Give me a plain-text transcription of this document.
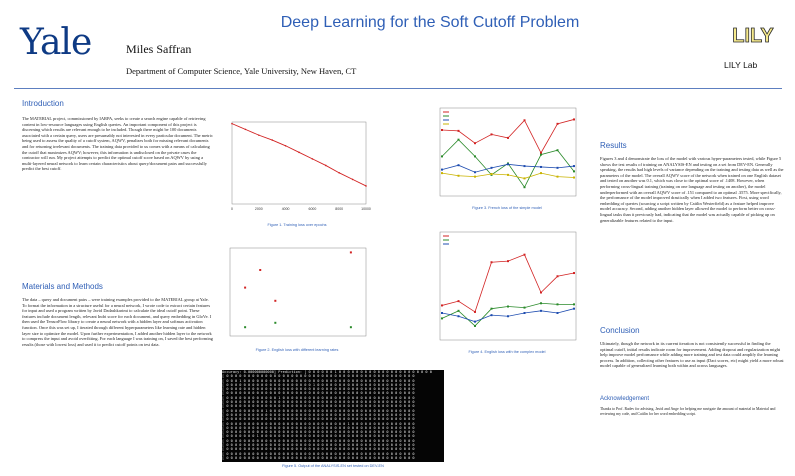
Deep Learning for the Soft Cutoff Problem
Yale	Miles Saffran
Department of Computer Science, Yale University, New Haven, CT
LILY
LILY Lab
Introduction
The MATERIAL project, commissioned by IARPA, seeks to create a search engine capable of retrieving content in low-resource languages using English queries. An important component of this project is discerning which results are relevant enough to be included. Though there might be 100 documents associated with a certain query, users are presumably not interested in every particular document. The metric being used to assess the quality of a cutoff system, AQWV, penalizes both for missing relevant documents and for returning irrelevant documents. The training data provided to us comes with a means of calculating the cutoff that maximizes AQWV; however, this information is undisclosed on the private cases the contractor will run. My project attempts to predict the optimal cutoff score based on AQWV by using a multi-layered neural network to learn certain characteristics about query/document pairs and successfully predict the best cutoff.
Materials and Methods
The data – query and document pairs – were training examples provided to the MATERIAL group at Yale. To format the information in a structure useful for a neural network, I wrote code to extract certain features for input and used a program written by Javid Dadashkarimi to calculate the ideal cutoff point. These features include document length, relevant Indri score for each document, and query embedding in GloVe. I then used the TensorFlow library to create a neural network with a hidden layer and softmax activation function. Once this was set up, I iterated through different hyperparameters like learning rate and hidden layer size to optimize the model. Upon further experimentation, I added another hidden layer to the network to compress the input and avoid overfitting. For each language I was training on, I saved the best performing results (those with lowest loss) and used it to predict cutoff points on test data.
0	2000	4000	6000	8000	10000
Figure 1. Training loss over epochs
Figure 2. English loss with different learning rates
Figure 3. French loss of the simple model
Figure 4. English loss with the complex model
Accuracy: 0.000000000000] Prediction: [ 0 0 0 0 0 0 1 0 0 0 0 0 0 0 0 0 0 0 0 0 0 0 0 0 0 0 0 0 0
[ 0 0 0 0 0 0 0 0 0 0 0 0 0 0 0 0 0 0 0 0 0 0 0 0 0 0 0 0 0 0 0 0 0 0 0 0 0 0 0 0 0 0 0 0
[ 0 0 0 1 0 0 0 0 0 0 0 0 0 0 0 0 0 0 0 0 0 0 0 0 0 0 0 0 0 0 0 0 0 0 0 0 0 0 0 0 0 0 0 0
[ 0 0 0 0 0 0 0 0 0 0 0 0 0 0 0 0 0 0 0 0 1 0 0 0 0 0 0 0 0 0 0 0 0 0 0 0 0 0 0 0 0 0 0 0
[ 0 0 0 0 0 0 0 0 0 0 0 0 0 0 0 0 0 0 0 0 0 0 0 0 0 0 0 0 0 0 0 0 0 0 0 0 0 0 0 0 0 0 0 0
[ 0 0 0 0 0 0 0 0 0 0 0 0 0 0 0 0 0 0 0 0 0 0 0 0 0 0 0 0 0 0 0 0 0 0 0 0 0 0 0 0 0 0 0 0
[ 0 0 0 0 0 0 0 0 0 0 0 0 1 0 0 0 0 0 0 0 0 0 0 0 0 0 0 0 0 0 0 0 0 0 0 0 0 0 0 0 0 0 0 0
[ 0 0 0 0 0 0 0 0 0 0 0 0 0 0 0 0 0 0 0 0 0 0 0 0 0 0 0 0 0 0 0 0 0 0 0 0 0 0 0 0 0 0 0 0
[ 0 0 0 0 0 0 0 0 0 0 0 0 0 0 0 0 0 0 0 0 0 0 0 0 0 0 0 0 0 0 0 0 0 0 0 0 0 0 0 0 0 0 0 0
[ 0 0 0 0 0 0 0 0 0 1 0 0 0 0 0 0 0 0 0 0 0 0 0 0 0 0 0 0 0 0 0 0 0 0 0 0 0 0 0 0 0 0 0 0
[ 0 0 0 0 0 0 0 0 0 0 0 0 0 0 0 0 0 0 0 0 0 0 0 0 0 0 0 0 0 0 0 0 0 0 0 0 0 0 0 0 0 0 0 0
[ 0 0 0 0 0 0 0 0 0 0 0 0 0 0 0 0 0 0 0 0 0 0 0 0 0 0 0 0 0 0 0 0 0 0 0 0 0 0 0 0 0 0 0 0
[ 0 0 0 0 0 0 0 0 0 0 0 0 0 0 0 0 0 0 0 0 0 0 0 0 0 0 0 0 1 0 0 0 0 0 0 0 0 0 0 0 0 0 0 0
[ 0 0 0 0 0 0 0 0 0 0 0 0 0 0 0 0 0 0 0 0 0 0 0 0 0 0 0 0 0 0 0 0 0 0 0 0 0 0 0 0 0 0 0 0
[ 0 0 0 0 0 0 0 0 0 0 0 0 0 0 0 0 0 0 0 0 0 0 0 0 0 0 0 0 0 0 0 0 0 0 0 0 0 0 0 0 0 0 0 0
[ 0 0 0 0 0 0 0 1 0 0 0 0 0 0 0 0 0 0 0 0 0 0 0 0 0 0 0 0 0 0 0 0 0 0 0 0 0 0 0 0 0 0 0 0
[ 0 0 0 0 0 0 0 0 0 0 0 0 0 0 0 0 0 0 0 0 0 0 0 0 0 0 0 0 0 0 0 0 0 0 0 0 0 0 0 0 0 0 0 0
[ 0 0 0 0 0 0 0 0 0 0 0 0 0 0 0 0 0 0 0 0 0 0 0 0 0 0 0 0 0 0 0 0 0 0 0 0 0 0 0 0 0 0 0 0
[ 0 0 0 0 0 0 0 0 0 0 0 0 0 0 0 0 0 0 0 0 0 0 0 0 0 0 0 0 0 0 0 0 0 0 0 0 0 0 0 0 0 0 0 0
[ 0 0 0 0 0 0 0 0 0 0 0 0 0 0 0 0 0 0 0 0 0 0 0 0 0 0 0 0 0 0 0 0 0 0 0 0 0 0 0 0 0 0 0 0
[ 0 0 0 0 0 0 0 0 0 0 0 0 0 0 0 0 0 0 0 0 0 0 0 0 0 0 0 0 0 0 0 0 0 0 0 0 0 0 0 0 0 0 0 0
Figure 5. Output of the ANALYSIS-EN set tested on DEV-EN
Results
Figures 3 and 4 demonstrate the loss of the model with various hyper-parameters tested, while Figure 5 shows the test results of training on ANALYSIS-EN and testing on a set from DEV-EN. Generally speaking, the results had high levels of variance depending on the training and testing data as well as the parameters of the model. The overall AQWV score of the network when trained on one English dataset and tested on another was 0.1, which was close to the optimal score of .1408. However, when performing cross-lingual training (training on one language and testing on another), the model underperformed with an overall AQWV score of .151 compared to an optimal .3575. More specifically, the performance of the model improved drastically when I added two features. First, using word embedding of queries (sourcing a script written by Caitlin Westerfield) as a feature helped improve model accuracy. Second, adding another hidden layer allowed the model to perform better on cross-lingual tasks than it previously had, indicating that the model was actually capable of picking up on generalizable features related to the input.
Conclusion
Ultimately, though the network in its current iteration is not consistently successful in finding the optimal cutoff, initial results indicate room for improvement. Adding dropout and regularization might help improve model performance while adding more training and test data could amplify the learning process. In addition, collecting other features to use as input (Dact scores, etc) might yield a more robust model capable of generalized learning both within and across languages.
Acknowledgement
Thanks to Prof. Radev for advising, Javid and Ange for helping me navigate the amount of material in Material and reviewing my code, and Caitlin for her word embedding script.
